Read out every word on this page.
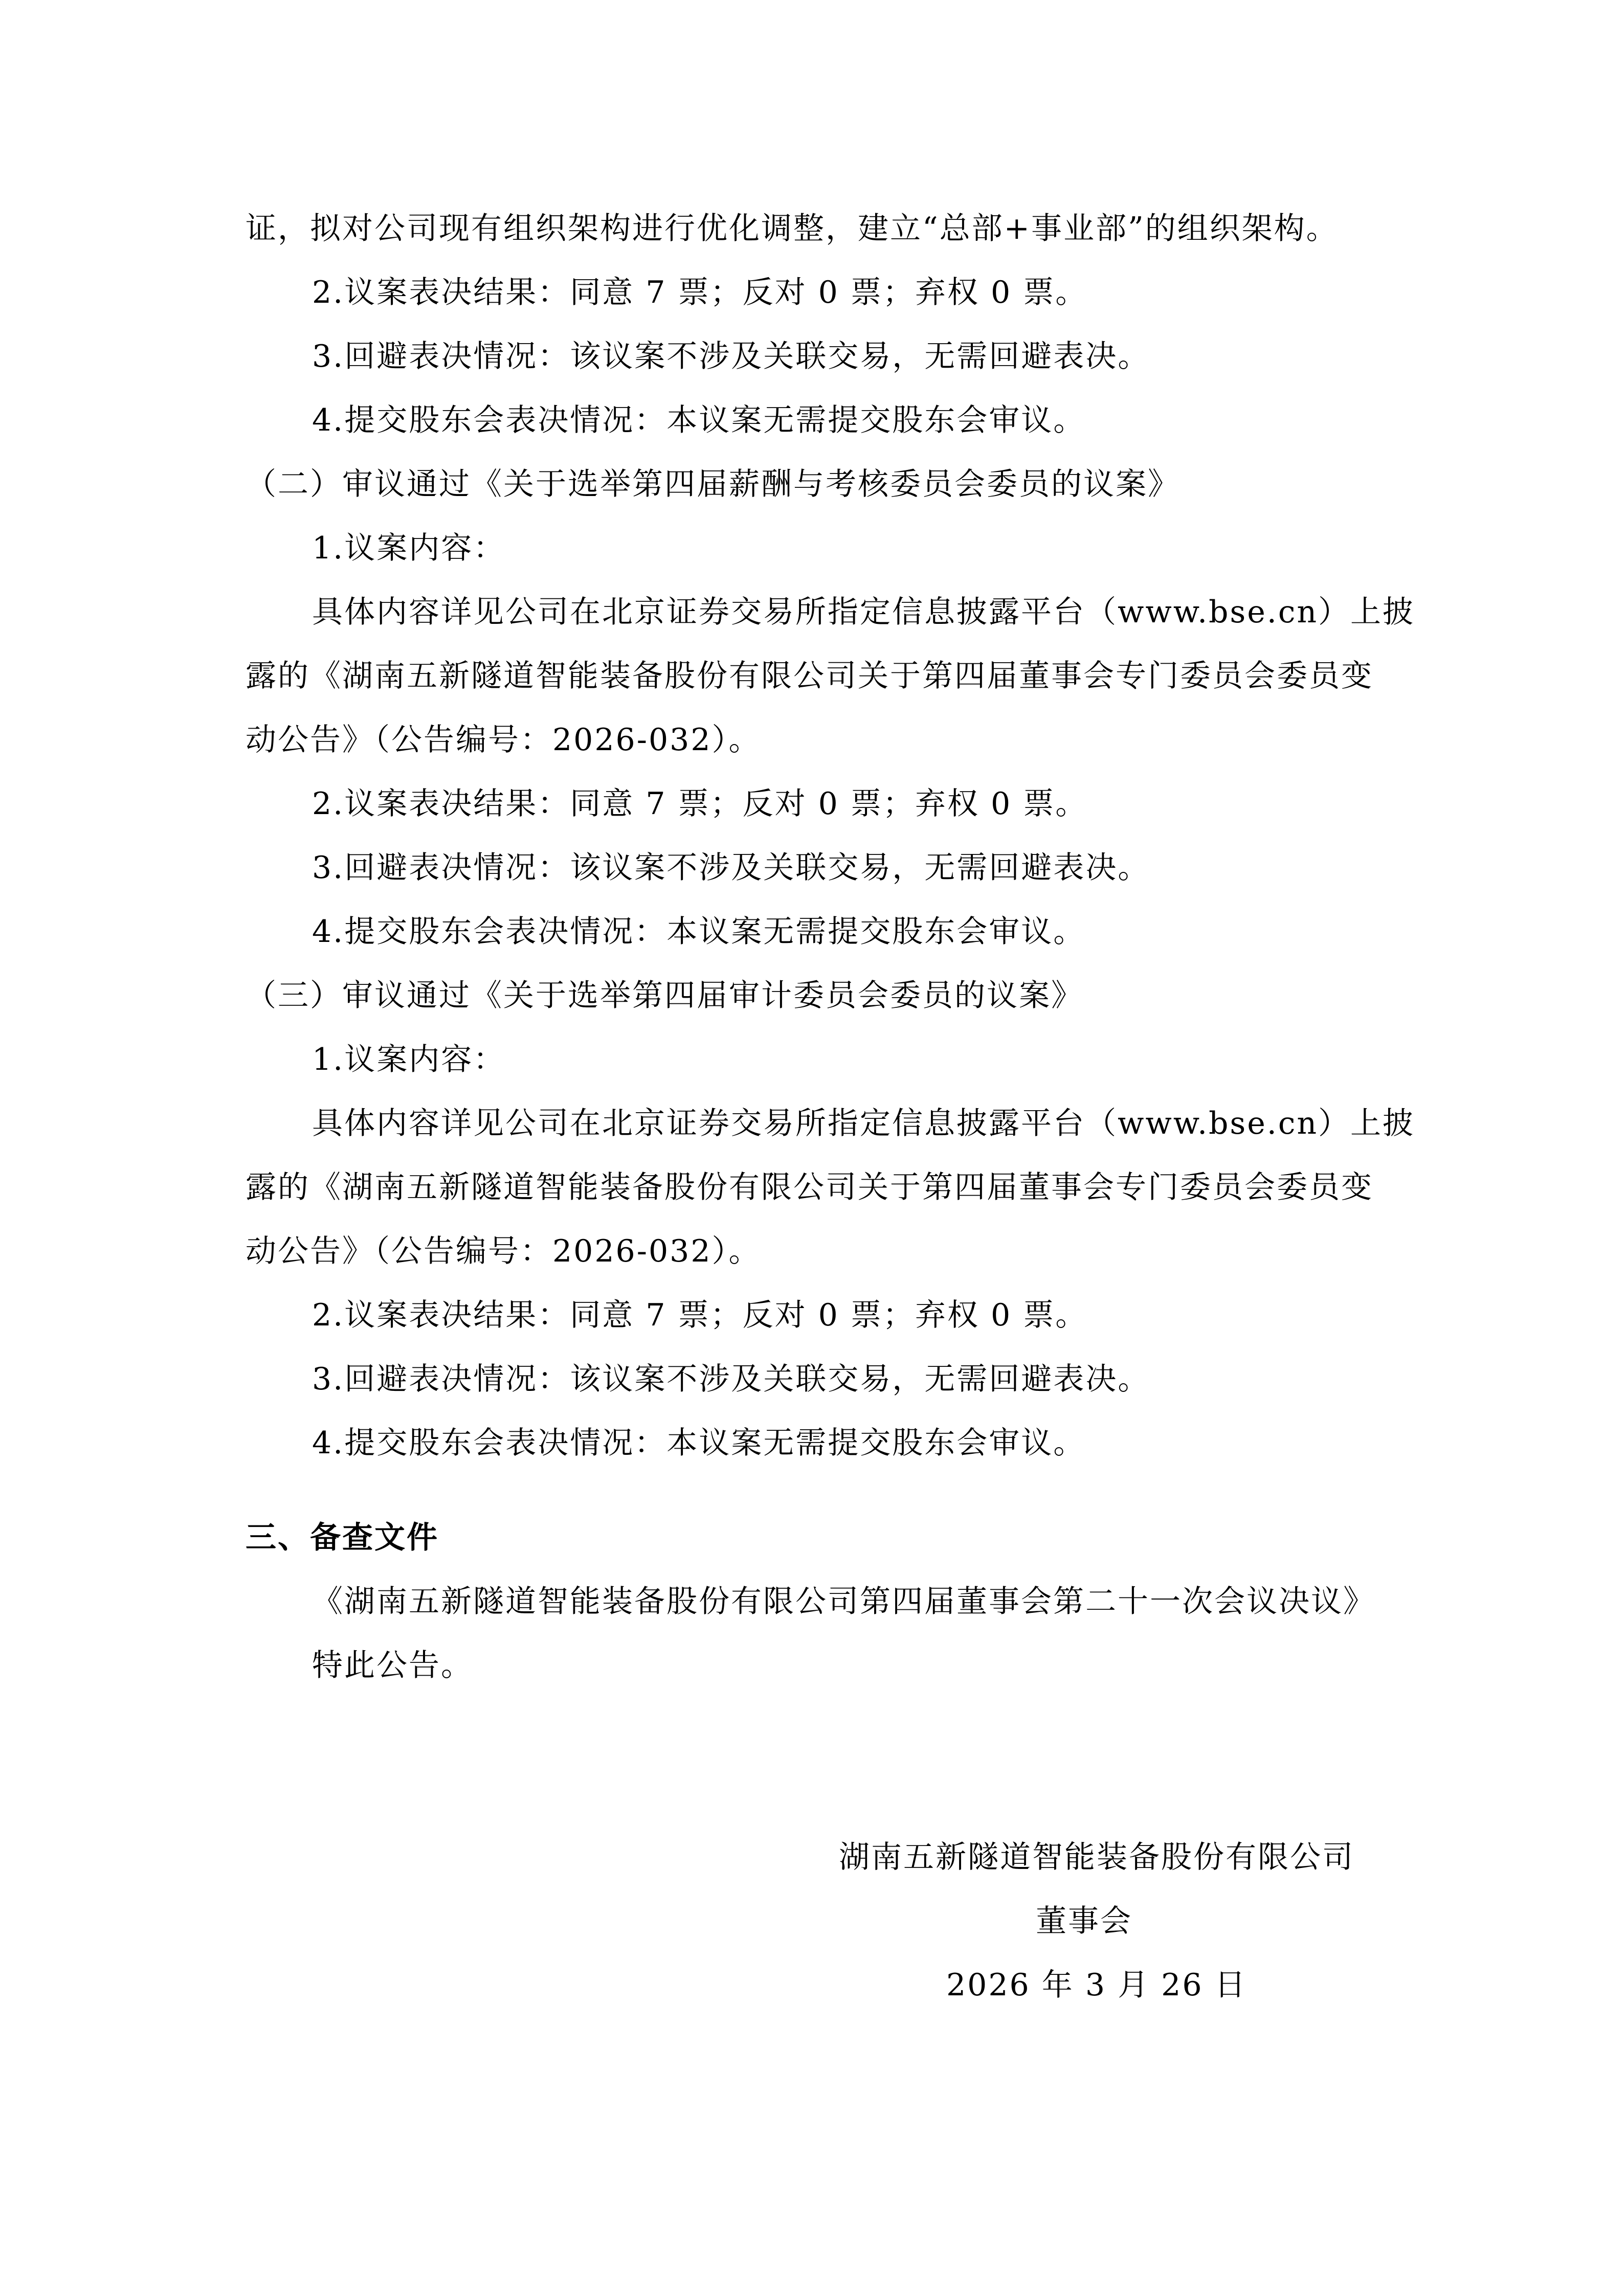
证，拟对公司现有组织架构进行优化调整，建立“总部+事业部”的组织架构。
2.议案表决结果：同意 7 票；反对 0 票；弃权 0 票。
3.回避表决情况：该议案不涉及关联交易，无需回避表决。
4.提交股东会表决情况：本议案无需提交股东会审议。
（二）审议通过《关于选举第四届薪酬与考核委员会委员的议案》
1.议案内容：
具体内容详见公司在北京证券交易所指定信息披露平台（www.bse.cn）上披
露的《湖南五新隧道智能装备股份有限公司关于第四届董事会专门委员会委员变
动公告》（公告编号：2026-032）。
2.议案表决结果：同意 7 票；反对 0 票；弃权 0 票。
3.回避表决情况：该议案不涉及关联交易，无需回避表决。
4.提交股东会表决情况：本议案无需提交股东会审议。
（三）审议通过《关于选举第四届审计委员会委员的议案》
1.议案内容：
具体内容详见公司在北京证券交易所指定信息披露平台（www.bse.cn）上披
露的《湖南五新隧道智能装备股份有限公司关于第四届董事会专门委员会委员变
动公告》（公告编号：2026-032）。
2.议案表决结果：同意 7 票；反对 0 票；弃权 0 票。
3.回避表决情况：该议案不涉及关联交易，无需回避表决。
4.提交股东会表决情况：本议案无需提交股东会审议。
三、备查文件
《湖南五新隧道智能装备股份有限公司第四届董事会第二十一次会议决议》
特此公告。
湖南五新隧道智能装备股份有限公司
董事会
2026 年 3 月 26 日
